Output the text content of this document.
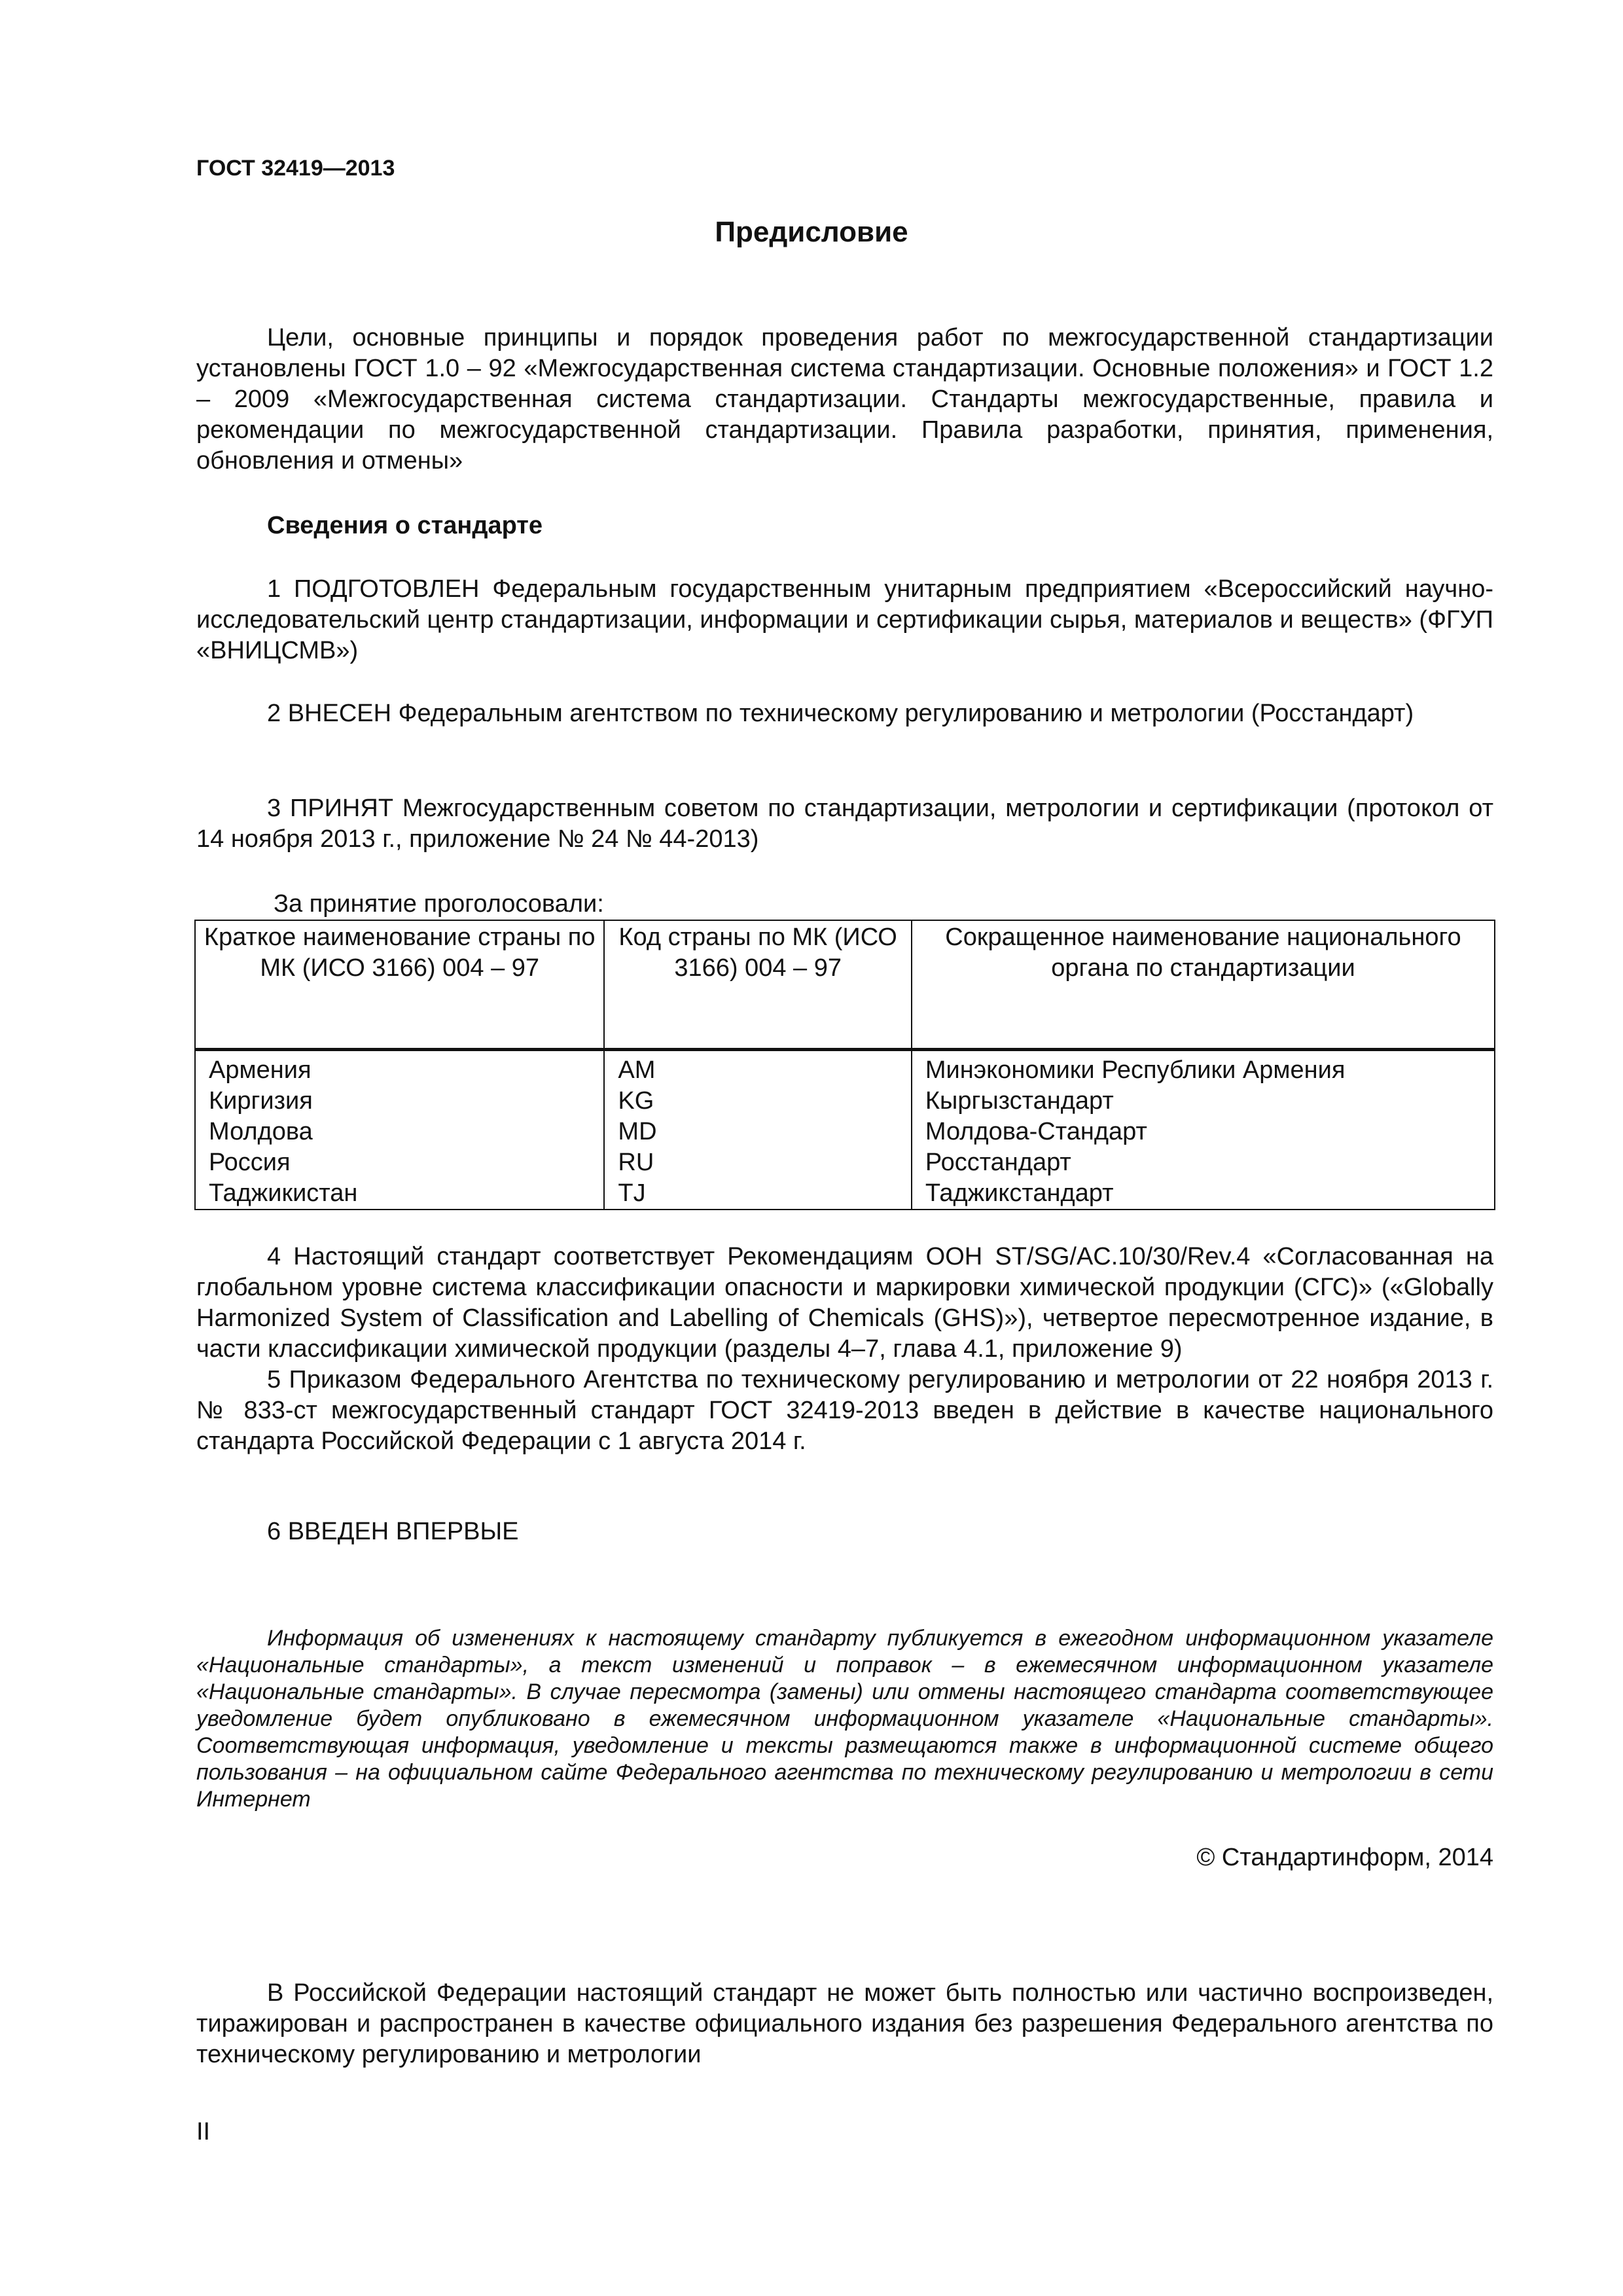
ГОСТ 32419—2013
Предисловие

Цели, основные принципы и порядок проведения работ по межгосударственной стандартизации установлены ГОСТ 1.0 – 92 «Межгосударственная система стандартизации. Основные положения» и ГОСТ 1.2 – 2009 «Межгосударственная система стандартизации. Стандарты межгосударственные, правила и рекомендации по межгосударственной стандартизации. Правила разработки, принятия, применения, обновления и отмены»

Сведения о стандарте

1 ПОДГОТОВЛЕН Федеральным государственным унитарным предприятием «Всероссийский научно-исследовательский центр стандартизации, информации и сертификации сырья, материалов и веществ» (ФГУП «ВНИЦСМВ»)

2 ВНЕСЕН Федеральным агентством по техническому регулированию и метрологии (Росстандарт)

3 ПРИНЯТ Межгосударственным советом по стандартизации, метрологии и сертификации (протокол от 14 ноября 2013 г., приложение № 24 № 44-2013)

За принятие проголосовали:
Краткое наименование страны по МК (ИСО 3166) 004 – 97	Код страны по МК (ИСО 3166) 004 – 97	Сокращенное наименование национального органа по стандартизации
Армения	AM	Минэкономики Республики Армения
Киргизия	KG	Кыргызстандарт
Молдова	MD	Молдова-Стандарт
Россия	RU	Росстандарт
Таджикистан	TJ	Таджикстандарт

4 Настоящий стандарт соответствует Рекомендациям ООН ST/SG/AC.10/30/Rev.4 «Согласованная на глобальном уровне система классификации опасности и маркировки химической продукции (СГС)» («Globally Harmonized System of Classification and Labelling of Chemicals (GHS)»), четвертое пересмотренное издание, в части классификации химической продукции (разделы 4–7, глава 4.1, приложение 9)

5 Приказом Федерального Агентства по техническому регулированию и метрологии от 22 ноября 2013 г. № 833-ст межгосударственный стандарт ГОСТ 32419-2013 введен в действие в качестве национального стандарта Российской Федерации с 1 августа 2014 г.

6 ВВЕДЕН ВПЕРВЫЕ

Информация об изменениях к настоящему стандарту публикуется в ежегодном информационном указателе «Национальные стандарты», а текст изменений и поправок – в ежемесячном информационном указателе «Национальные стандарты». В случае пересмотра (замены) или отмены настоящего стандарта соответствующее уведомление будет опубликовано в ежемесячном информационном указателе «Национальные стандарты». Соответствующая информация, уведомление и тексты размещаются также в информационной системе общего пользования – на официальном сайте Федерального агентства по техническому регулированию и метрологии в сети Интернет

© Стандартинформ, 2014

В Российской Федерации настоящий стандарт не может быть полностью или частично воспроизведен, тиражирован и распространен в качестве официального издания без разрешения Федерального агентства по техническому регулированию и метрологии

II
